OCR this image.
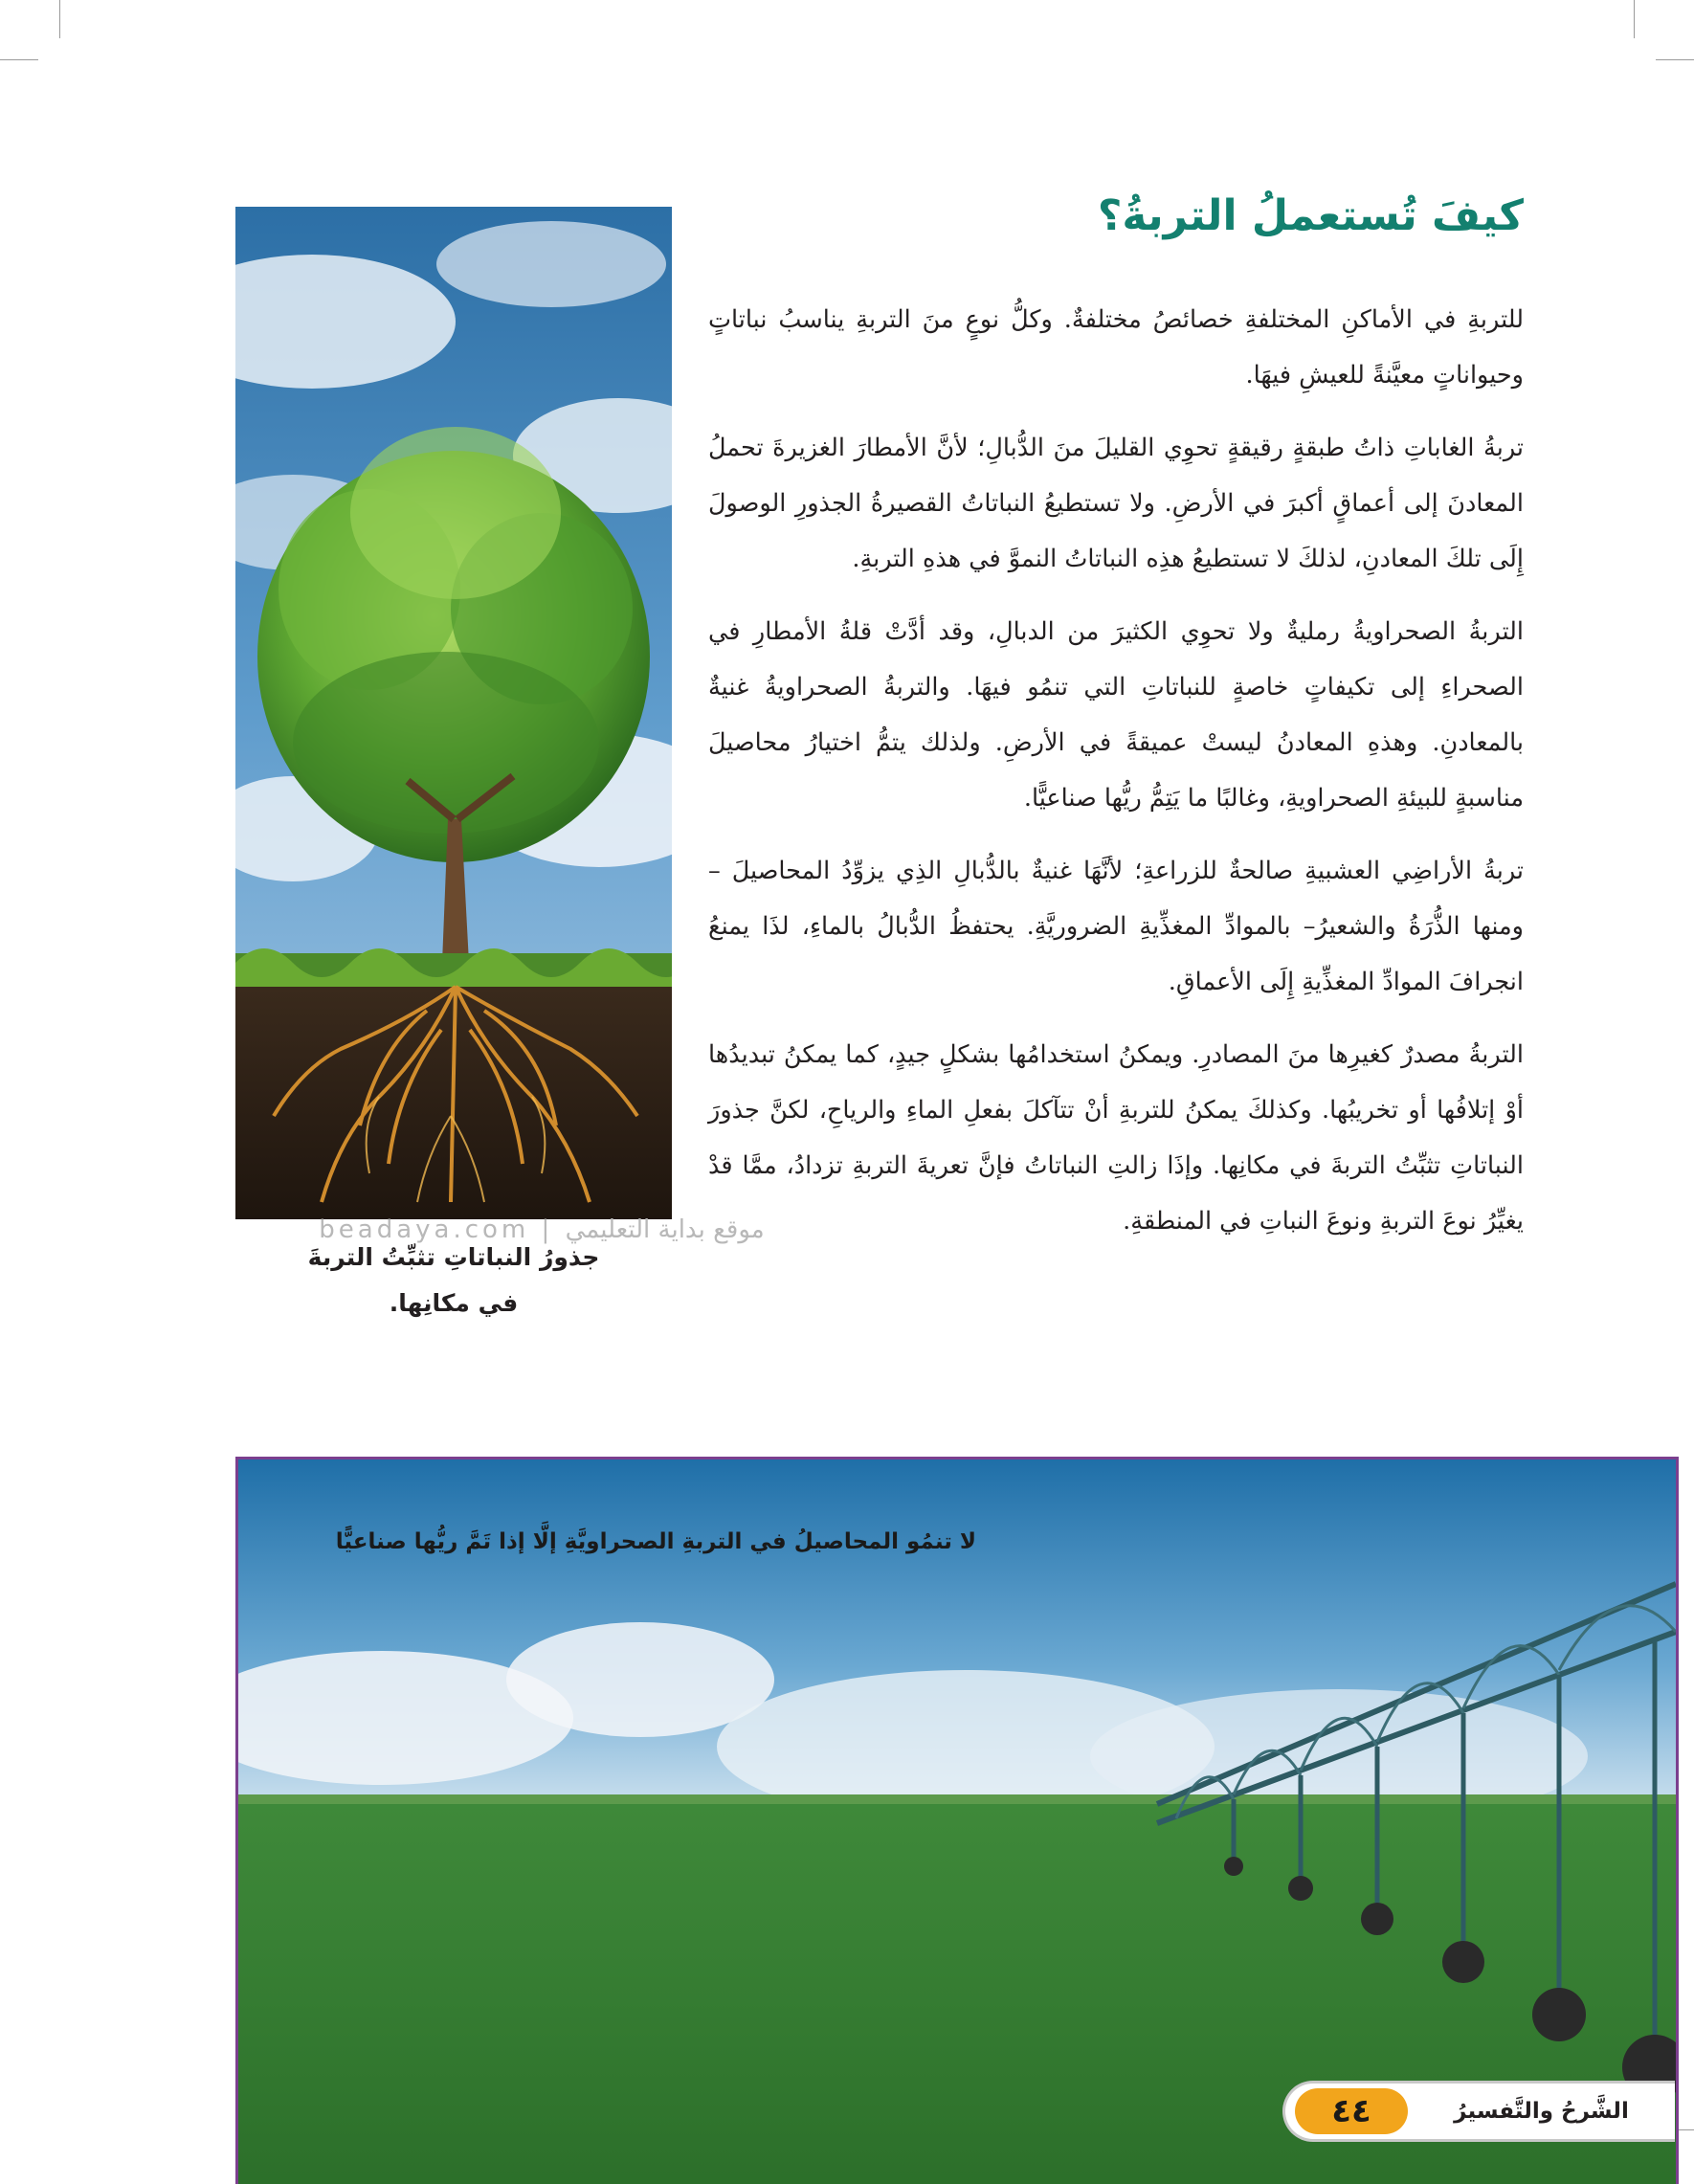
beadaya.com | موقع بداية التعليمي
جذورُ النباتاتِ تثبِّتُ التربةَ
في مكانِها.
كيفَ تُستعملُ التربةُ؟

للتربةِ في الأماكنِ المختلفةِ خصائصُ مختلفةٌ. وكلُّ نوعٍ منَ التربةِ يناسبُ نباتاتٍ وحيواناتٍ معيَّنةً للعيشِ فيهَا.

تربةُ الغاباتِ ذاتُ طبقةٍ رقيقةٍ تحوِي القليلَ منَ الدُّبالِ؛ لأنَّ الأمطارَ الغزيرةَ تحملُ المعادنَ إلى أعماقٍ أكبرَ في الأرضِ. ولا تستطيعُ النباتاتُ القصيرةُ الجذورِ الوصولَ إِلَى تلكَ المعادنِ، لذلكَ لا تستطيعُ هذِه النباتاتُ النموَّ في هذهِ التربةِ.

التربةُ الصحراويةُ رمليةٌ ولا تحوِي الكثيرَ من الدبالِ، وقد أدَّتْ قلةُ الأمطارِ في الصحراءِ إلى تكيفاتٍ خاصةٍ للنباتاتِ التي تنمُو فيهَا. والتربةُ الصحراويةُ غنيةٌ بالمعادنِ. وهذهِ المعادنُ ليستْ عميقةً في الأرضِ. ولذلك يتمُّ اختيارُ محاصيلَ مناسبةٍ للبيئةِ الصحراويةِ، وغالبًا ما يَتِمُّ ريُّها صناعيًّا.

تربةُ الأراضِي العشبيةِ صالحةٌ للزراعةِ؛ لأنَّهَا غنيةٌ بالدُّبالِ الذِي يزوِّدُ المحاصيلَ – ومنها الذُّرَةُ والشعيرُ– بالموادِّ المغذِّيةِ الضروريَّةِ. يحتفظُ الدُّبالُ بالماءِ، لذَا يمنعُ انجرافَ الموادِّ المغذِّيةِ إِلَى الأعماقِ.

التربةُ مصدرٌ كغيرِها منَ المصادرِ. ويمكنُ استخدامُها بشكلٍ جيدٍ، كما يمكنُ تبديدُها أوْ إتلافُها أو تخريبُها. وكذلكَ يمكنُ للتربةِ أنْ تتآكلَ بفعلِ الماءِ والرياحِ، لكنَّ جذورَ النباتاتِ تثبِّتُ التربةَ في مكانِها. وإذَا زالتِ النباتاتُ فإنَّ تعريةَ التربةِ تزدادُ، ممَّا قدْ يغيِّرُ نوعَ التربةِ ونوعَ النباتِ في المنطقةِ.

لا تنمُو المحاصيلُ في التربةِ الصحراويَّةِ إلَّا إذا تَمَّ ريُّها صناعيًّا
٤٤	الشَّرحُ والتَّفسيرُ
